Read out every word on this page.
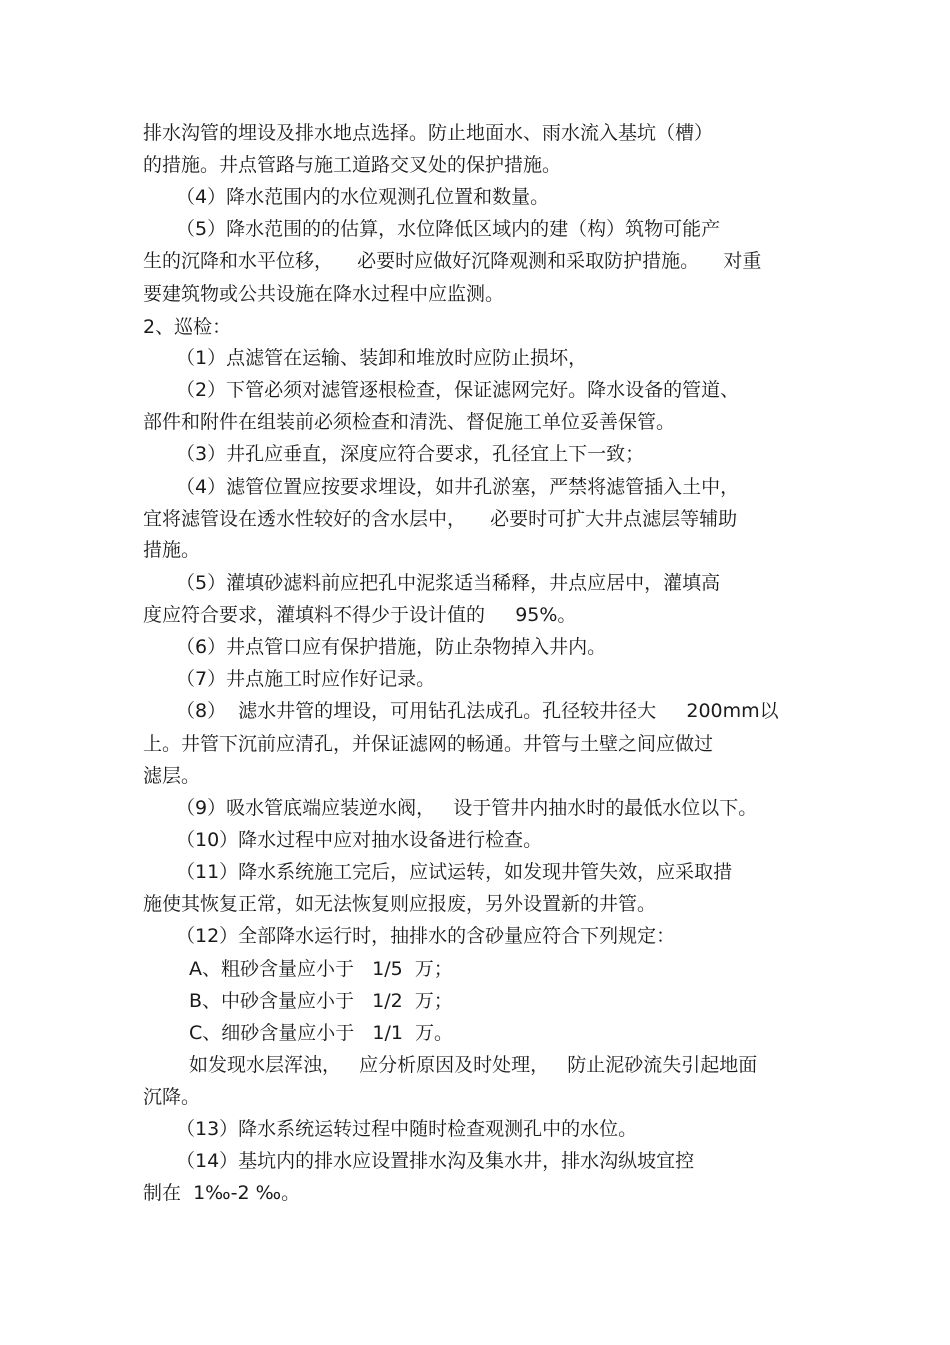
排水沟管的埋设及排水地点选择。防止地面水、雨水流入基坑（槽）

的措施。井点管路与施工道路交叉处的保护措施。

（4）降水范围内的水位观测孔位置和数量。

（5）降水范围的的估算，水位降低区域内的建（构）筑物可能产

生的沉降和水平位移，    必要时应做好沉降观测和采取防护措施。    对重

要建筑物或公共设施在降水过程中应监测。

2、巡检：

（1）点滤管在运输、装卸和堆放时应防止损坏，

（2）下管必须对滤管逐根检查，保证滤网完好。降水设备的管道、

部件和附件在组装前必须检查和清洗、督促施工单位妥善保管。

（3）井孔应垂直，深度应符合要求，孔径宜上下一致；

（4）滤管位置应按要求埋设，如井孔淤塞，严禁将滤管插入土中，

宜将滤管设在透水性较好的含水层中，    必要时可扩大井点滤层等辅助

措施。

（5）灌填砂滤料前应把孔中泥浆适当稀释，井点应居中，灌填高

度应符合要求，灌填料不得少于设计值的     95%。

（6）井点管口应有保护措施，防止杂物掉入井内。

（7）井点施工时应作好记录。

（8）  滤水井管的埋设，可用钻孔法成孔。孔径较井径大     200mm以

上。井管下沉前应清孔，并保证滤网的畅通。井管与土壁之间应做过

滤层。

（9）吸水管底端应装逆水阀，   设于管井内抽水时的最低水位以下。

（10）降水过程中应对抽水设备进行检查。

（11）降水系统施工完后，应试运转，如发现井管失效，应采取措

施使其恢复正常，如无法恢复则应报废，另外设置新的井管。

（12）全部降水运行时，抽排水的含砂量应符合下列规定：

A、粗砂含量应小于   1/5  万；

B、中砂含量应小于   1/2  万；

C、细砂含量应小于   1/1  万。

如发现水层浑浊，   应分析原因及时处理，   防止泥砂流失引起地面

沉降。

（13）降水系统运转过程中随时检查观测孔中的水位。

（14）基坑内的排水应设置排水沟及集水井，排水沟纵坡宜控

制在  1‰-2 ‰。
